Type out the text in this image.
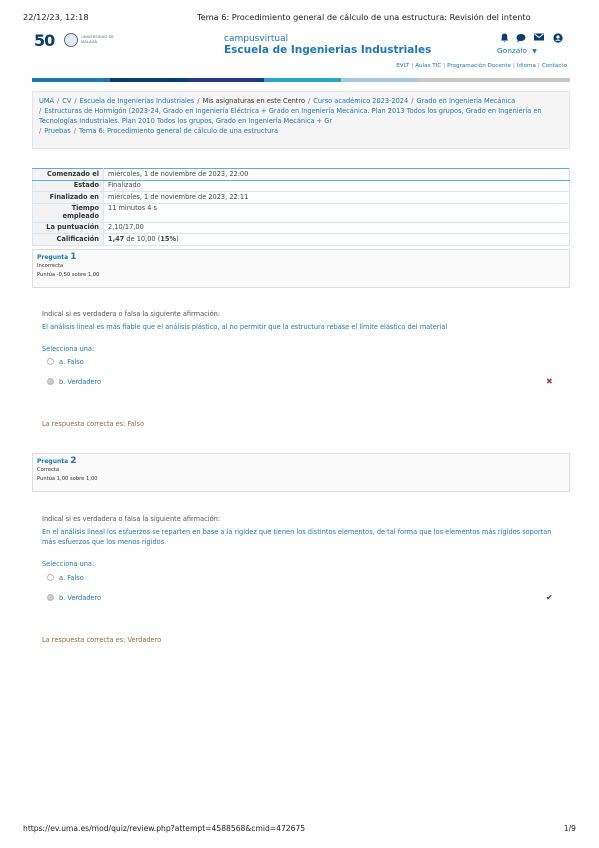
22/12/23, 12:18	Tema 6: Procedimiento general de cálculo de una estructura: Revisión del intento
50	UNIVERSIDAD DE MÁLAGA	campusvirtual
Escuela de Ingenierias Industriales	Gonzalo ▼
EVLT | Aulas TIC | Programación Docente | Idioma | Contacto
UMA / CV / Escuela de Ingenierías Industriales / Mis asignaturas en este Centro / Curso académico 2023-2024 / Grado en Ingeniería Mecánica
/ Estructuras de Hormigón (2023-24, Grado en Ingeniería Eléctrica + Grado en Ingeniería Mecánica. Plan 2013 Todos los grupos, Grado en Ingeniería en Tecnologías Industriales. Plan 2010 Todos los grupos, Grado en Ingeniería Mecánica + Gr
/ Pruebas / Tema 6: Procedimiento general de cálculo de una estructura
Comenzado el	miércoles, 1 de noviembre de 2023, 22:00
Estado	Finalizado
Finalizado en	miércoles, 1 de noviembre de 2023, 22:11
Tiempo empleado	11 minutos 4 s
La puntuación	2,10/17,00
Calificación	1,47 de 10,00 (15%)
Pregunta 1
Incorrecta
Puntúa -0,50 sobre 1,00
Indical si es verdadera o falsa la siguiente afirmación:
El análisis lineal es más fiable que el análisis plástico, al no permitir que la estructura rebase el límite elástico del material
Selecciona una:
a. Falso
b. Verdadero	✖
La respuesta correcta es: Falso
Pregunta 2
Correcta
Puntúa 1,00 sobre 1,00
Indical si es verdadera o falsa la siguiente afirmación:
En el análisis lineal los esfuerzos se reparten en base a la rigidez que tienen los distintos elementos, de tal forma que los elementos más rígidos soportan más esfuerzos que los menos rígidos.
Selecciona una:
a. Falso
b. Verdadero	✔
La respuesta correcta es: Verdadero
https://ev.uma.es/mod/quiz/review.php?attempt=4588568&cmid=472675	1/9
